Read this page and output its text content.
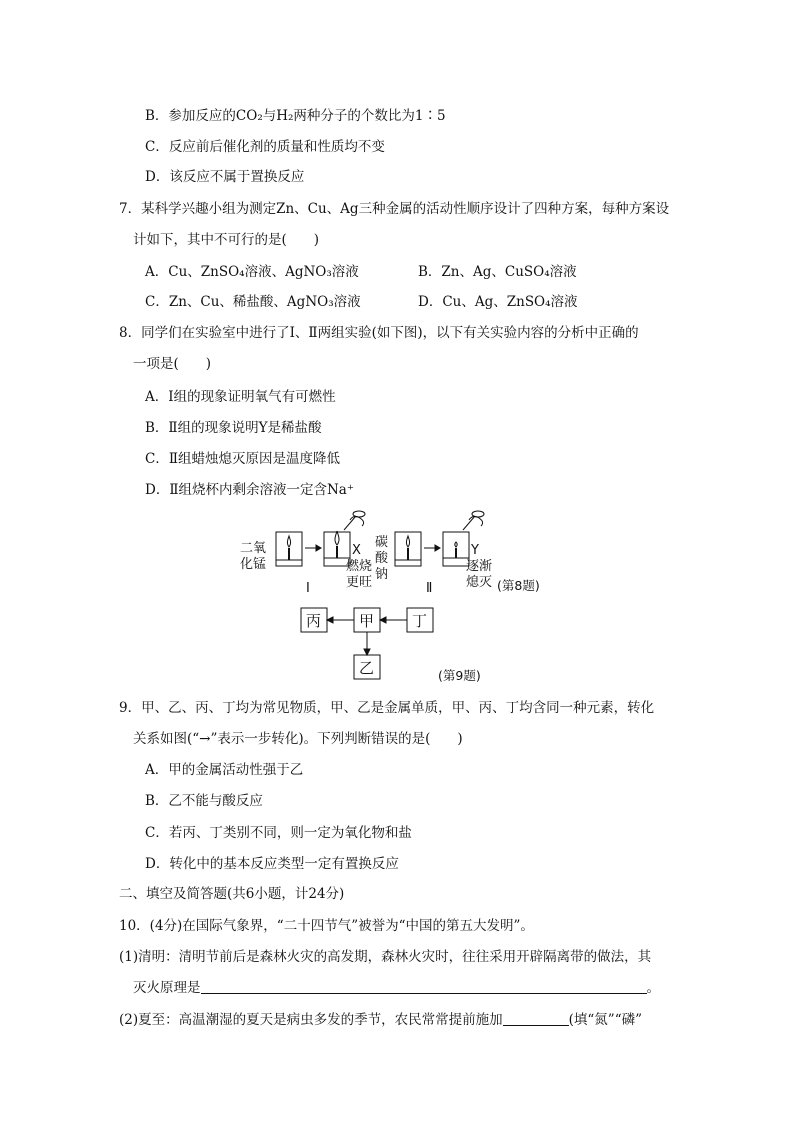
B．参加反应的CO₂与H₂两种分子的个数比为1∶5
C．反应前后催化剂的质量和性质均不变
D．该反应不属于置换反应
7．某科学兴趣小组为测定Zn、Cu、Ag三种金属的活动性顺序设计了四种方案，每种方案设
计如下，其中不可行的是(　　)
A．Cu、ZnSO₄溶液、AgNO₃溶液	B．Zn、Ag、CuSO₄溶液
C．Zn、Cu、稀盐酸、AgNO₃溶液	D．Cu、Ag、ZnSO₄溶液
8．同学们在实验室中进行了Ⅰ、Ⅱ两组实验(如下图)，以下有关实验内容的分析中正确的
一项是(　　)
A．Ⅰ组的现象证明氧气有可燃性
B．Ⅱ组的现象说明Y是稀盐酸
C．Ⅱ组蜡烛熄灭原因是温度降低
D．Ⅱ组烧杯内剩余溶液一定含Na⁺
二氧
化锰
X
燃烧
更旺
碳
酸
钠
Y
逐渐
熄灭
Ⅰ	Ⅱ	(第8题)
丙	甲	丁
乙	(第9题)
9．甲、乙、丙、丁均为常见物质，甲、乙是金属单质，甲、丙、丁均含同一种元素，转化
关系如图(“→”表示一步转化)。下列判断错误的是(　　)
A．甲的金属活动性强于乙
B．乙不能与酸反应
C．若丙、丁类别不同，则一定为氧化物和盐
D．转化中的基本反应类型一定有置换反应
二、填空及简答题(共6小题，计24分)
10．(4分)在国际气象界，“二十四节气”被誉为“中国的第五大发明”。
(1)清明：清明节前后是森林火灾的高发期，森林火灾时，往往采用开辟隔离带的做法，其
灭火原理是	。
(2)夏至：高温潮湿的夏天是病虫多发的季节，农民常常提前施加	(填“氮”“磷”
